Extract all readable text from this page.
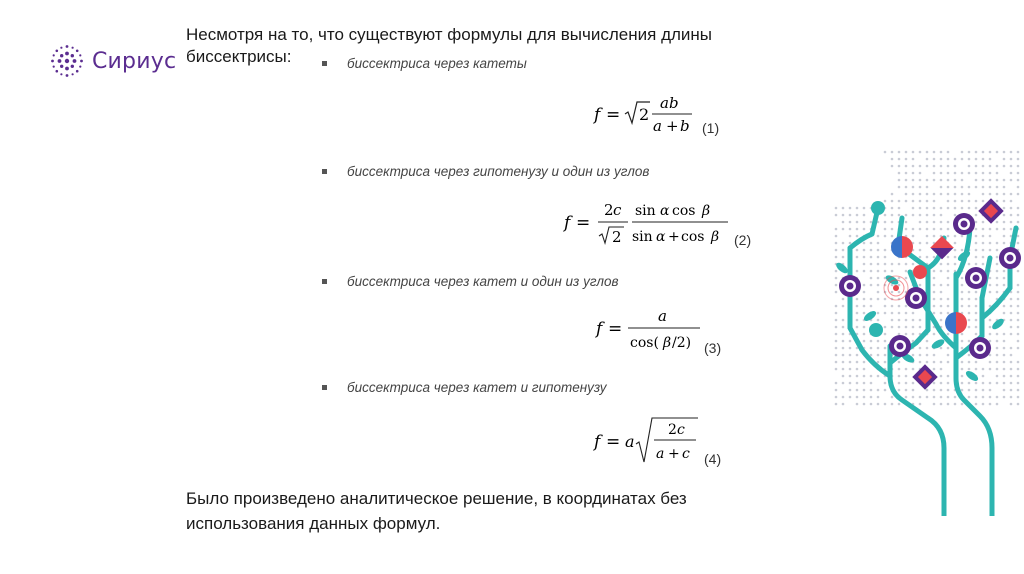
Сириус
Несмотря на то, что существуют формулы для вычисления длины биссектрисы:	биссектриса через катеты
биссектриса через гипотенузу и один из углов
биссектриса через катет и один из углов
биссектриса через катет и гипотенузу
f = 2
ab
a + b (1)
f =
2 c
2
sin α cos β
sin α + cos β (2)
f =
a
cos( β /2) (3)
f = a
2 c
a + c (4)
Было произведено аналитическое решение, в координатах без использования данных формул.
